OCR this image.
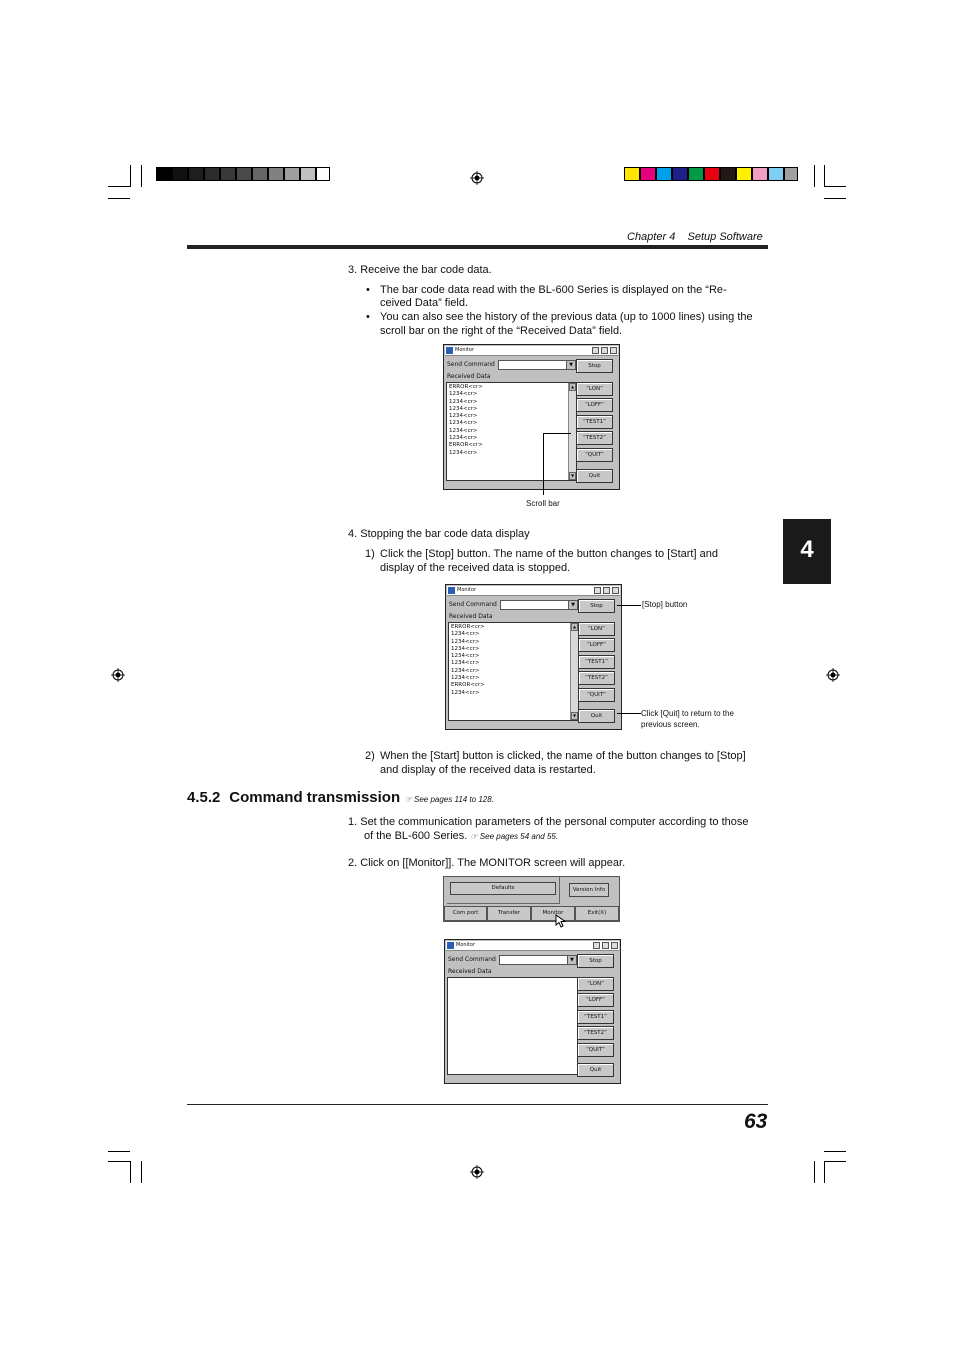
Chapter 4 Setup Software
4
3. Receive the bar code data.
• The bar code data read with the BL-600 Series is displayed on the “Re-
ceived Data” field.
• You can also see the history of the previous data (up to 1000 lines) using the
scroll bar on the right of the “Received Data” field.
Monitor
Send Command	▼
Received Data
ERROR<cr>
1234<cr>
1234<cr>
1234<cr>
1234<cr>
1234<cr>
1234<cr>
1234<cr>
ERROR<cr>
1234<cr>
▲
▼
Stop
“LON”
“LOFF”
“TEST1”
“TEST2”
“QUIT”
Quit
Scroll bar
4. Stopping the bar code data display
1) Click the [Stop] button. The name of the button changes to [Start] and
display of the received data is stopped.
Monitor
Send Command	▼
Received Data
ERROR<cr>
1234<cr>
1234<cr>
1234<cr>
1234<cr>
1234<cr>
1234<cr>
1234<cr>
ERROR<cr>
1234<cr>
▲
▼
Stop
“LON”
“LOFF”
“TEST1”
“TEST2”
“QUIT”
Quit
[Stop] button
Click [Quit] to return to the
previous screen.
2) When the [Start] button is clicked, the name of the button changes to [Stop]
and display of the received data is restarted.
4.5.2 Command transmission ☞ See pages 114 to 128.
1. Set the communication parameters of the personal computer according to those
of the BL-600 Series. ☞ See pages 54 and 55.
2. Click on [[Monitor]]. The MONITOR screen will appear.
Defaults	Version Info
Com port	Transfer	Monitor	Exit(X)
Monitor
Send Command	▼
Received Data
Stop
“LON”
“LOFF”
“TEST1”
“TEST2”
“QUIT”
Quit
63
